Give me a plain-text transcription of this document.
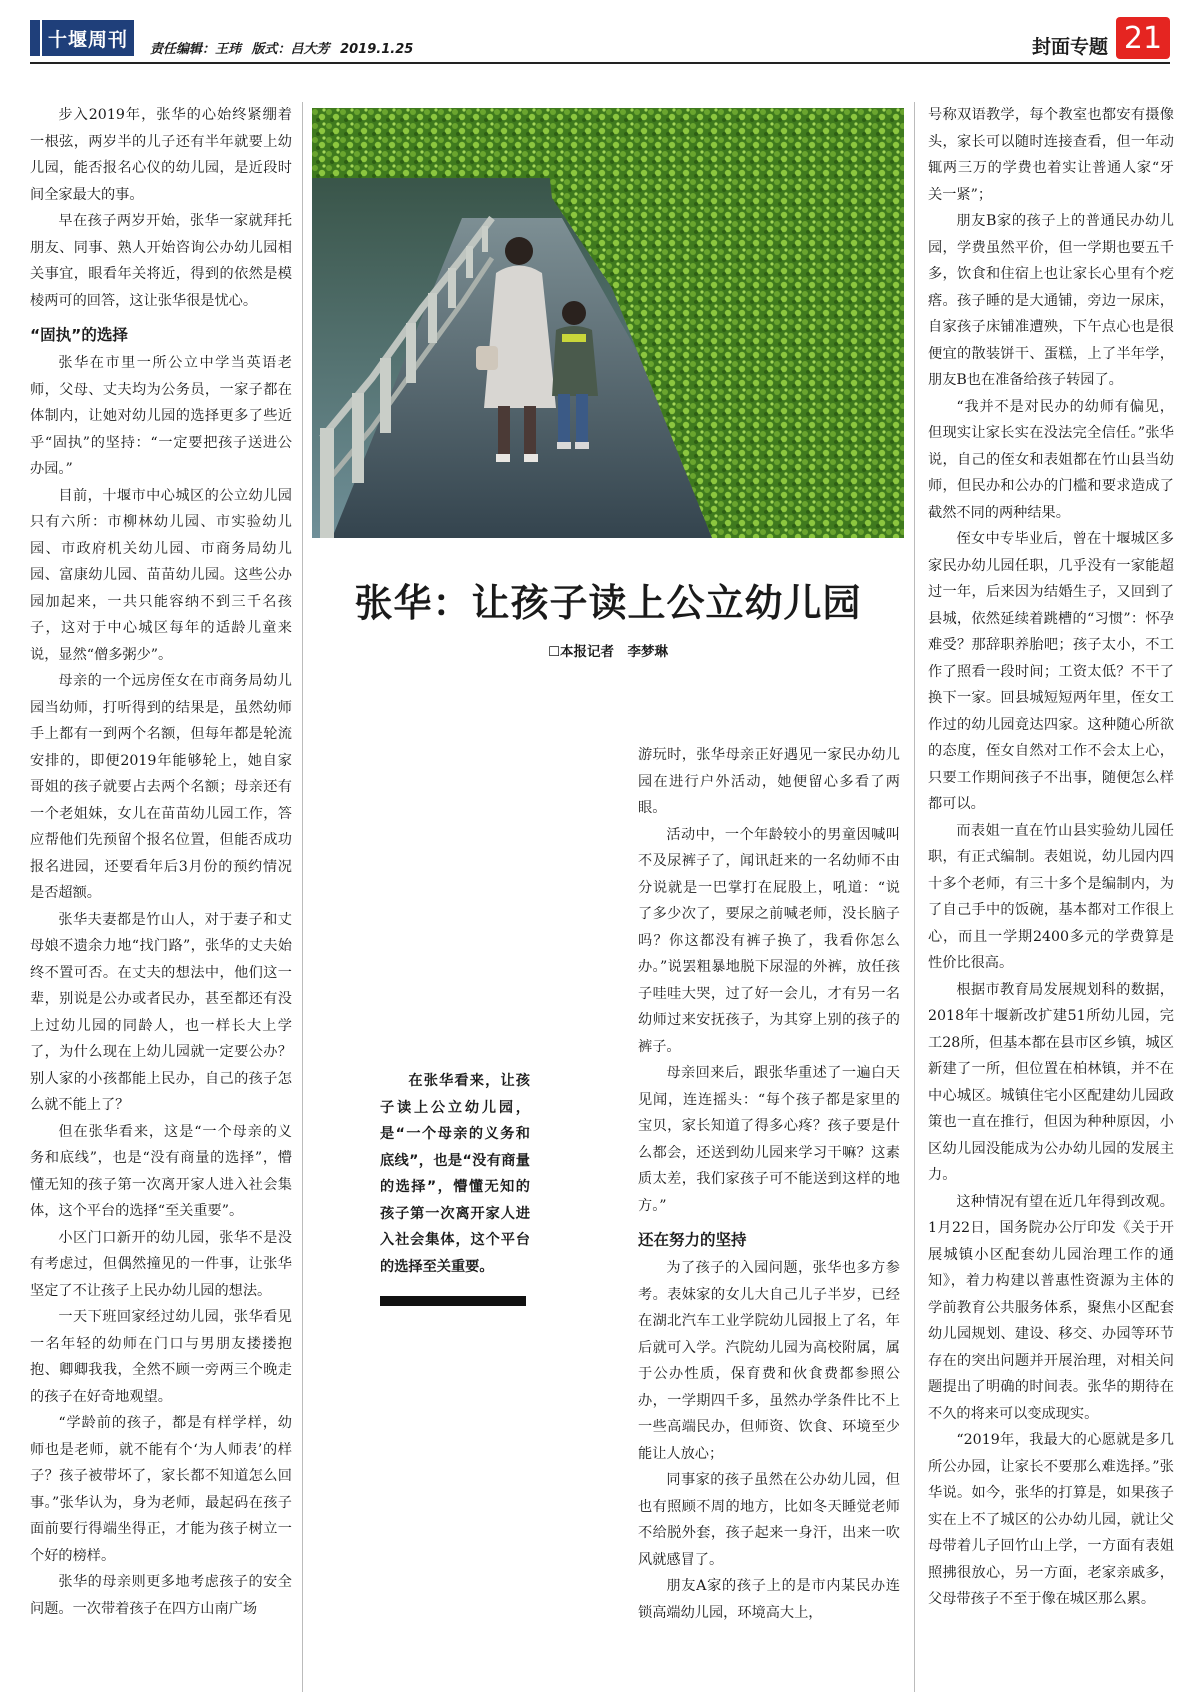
十堰周刊	责任编辑：王玮 版式：吕大芳 2019.1.25	封面专题 21

步入2019年，张华的心始终紧绷着一根弦，两岁半的儿子还有半年就要上幼儿园，能否报名心仪的幼儿园，是近段时间全家最大的事。

早在孩子两岁开始，张华一家就拜托朋友、同事、熟人开始咨询公办幼儿园相关事宜，眼看年关将近，得到的依然是模棱两可的回答，这让张华很是忧心。

“固执”的选择

张华在市里一所公立中学当英语老师，父母、丈夫均为公务员，一家子都在体制内，让她对幼儿园的选择更多了些近乎“固执”的坚持：“一定要把孩子送进公办园。”

目前，十堰市中心城区的公立幼儿园只有六所：市柳林幼儿园、市实验幼儿园、市政府机关幼儿园、市商务局幼儿园、富康幼儿园、苗苗幼儿园。这些公办园加起来，一共只能容纳不到三千名孩子，这对于中心城区每年的适龄儿童来说，显然“僧多粥少”。

母亲的一个远房侄女在市商务局幼儿园当幼师，打听得到的结果是，虽然幼师手上都有一到两个名额，但每年都是轮流安排的，即便2019年能够轮上，她自家哥姐的孩子就要占去两个名额；母亲还有一个老姐妹，女儿在苗苗幼儿园工作，答应帮他们先预留个报名位置，但能否成功报名进园，还要看年后3月份的预约情况是否超额。

张华夫妻都是竹山人，对于妻子和丈母娘不遗余力地“找门路”，张华的丈夫始终不置可否。在丈夫的想法中，他们这一辈，别说是公办或者民办，甚至都还有没上过幼儿园的同龄人，也一样长大上学了，为什么现在上幼儿园就一定要公办？别人家的小孩都能上民办，自己的孩子怎么就不能上了？

但在张华看来，这是“一个母亲的义务和底线”，也是“没有商量的选择”，懵懂无知的孩子第一次离开家人进入社会集体，这个平台的选择“至关重要”。

小区门口新开的幼儿园，张华不是没有考虑过，但偶然撞见的一件事，让张华坚定了不让孩子上民办幼儿园的想法。

一天下班回家经过幼儿园，张华看见一名年轻的幼师在门口与男朋友搂搂抱抱、卿卿我我，全然不顾一旁两三个晚走的孩子在好奇地观望。

“学龄前的孩子，都是有样学样，幼师也是老师，就不能有个‘为人师表’的样子？孩子被带坏了，家长都不知道怎么回事。”张华认为，身为老师，最起码在孩子面前要行得端坐得正，才能为孩子树立一个好的榜样。

张华的母亲则更多地考虑孩子的安全问题。一次带着孩子在四方山南广场

张华：让孩子读上公立幼儿园
☐本报记者　李梦琳
在张华看来，让孩子读上公立幼儿园，是“一个母亲的义务和底线”，也是“没有商量的选择”，懵懂无知的孩子第一次离开家人进入社会集体，这个平台的选择至关重要。

游玩时，张华母亲正好遇见一家民办幼儿园在进行户外活动，她便留心多看了两眼。

活动中，一个年龄较小的男童因喊叫不及尿裤子了，闻讯赶来的一名幼师不由分说就是一巴掌打在屁股上，吼道：“说了多少次了，要尿之前喊老师，没长脑子吗？你这都没有裤子换了，我看你怎么办。”说罢粗暴地脱下尿湿的外裤，放任孩子哇哇大哭，过了好一会儿，才有另一名幼师过来安抚孩子，为其穿上别的孩子的裤子。

母亲回来后，跟张华重述了一遍白天见闻，连连摇头：“每个孩子都是家里的宝贝，家长知道了得多心疼？孩子要是什么都会，还送到幼儿园来学习干嘛？这素质太差，我们家孩子可不能送到这样的地方。”

还在努力的坚持

为了孩子的入园问题，张华也多方参考。表妹家的女儿大自己儿子半岁，已经在湖北汽车工业学院幼儿园报上了名，年后就可入学。汽院幼儿园为高校附属，属于公办性质，保育费和伙食费都参照公办，一学期四千多，虽然办学条件比不上一些高端民办，但师资、饮食、环境至少能让人放心；

同事家的孩子虽然在公办幼儿园，但也有照顾不周的地方，比如冬天睡觉老师不给脱外套，孩子起来一身汗，出来一吹风就感冒了。

朋友A家的孩子上的是市内某民办连锁高端幼儿园，环境高大上，

号称双语教学，每个教室也都安有摄像头，家长可以随时连接查看，但一年动辄两三万的学费也着实让普通人家“牙关一紧”；

朋友B家的孩子上的普通民办幼儿园，学费虽然平价，但一学期也要五千多，饮食和住宿上也让家长心里有个疙瘩。孩子睡的是大通铺，旁边一尿床，自家孩子床铺准遭殃，下午点心也是很便宜的散装饼干、蛋糕，上了半年学，朋友B也在准备给孩子转园了。

“我并不是对民办的幼师有偏见，但现实让家长实在没法完全信任。”张华说，自己的侄女和表姐都在竹山县当幼师，但民办和公办的门槛和要求造成了截然不同的两种结果。

侄女中专毕业后，曾在十堰城区多家民办幼儿园任职，几乎没有一家能超过一年，后来因为结婚生子，又回到了县城，依然延续着跳槽的“习惯”：怀孕难受？那辞职养胎吧；孩子太小，不工作了照看一段时间；工资太低？不干了换下一家。回县城短短两年里，侄女工作过的幼儿园竟达四家。这种随心所欲的态度，侄女自然对工作不会太上心，只要工作期间孩子不出事，随便怎么样都可以。

而表姐一直在竹山县实验幼儿园任职，有正式编制。表姐说，幼儿园内四十多个老师，有三十多个是编制内，为了自己手中的饭碗，基本都对工作很上心，而且一学期2400多元的学费算是性价比很高。

根据市教育局发展规划科的数据，2018年十堰新改扩建51所幼儿园，完工28所，但基本都在县市区乡镇，城区新建了一所，但位置在柏林镇，并不在中心城区。城镇住宅小区配建幼儿园政策也一直在推行，但因为种种原因，小区幼儿园没能成为公办幼儿园的发展主力。

这种情况有望在近几年得到改观。1月22日，国务院办公厅印发《关于开展城镇小区配套幼儿园治理工作的通知》，着力构建以普惠性资源为主体的学前教育公共服务体系，聚焦小区配套幼儿园规划、建设、移交、办园等环节存在的突出问题并开展治理，对相关问题提出了明确的时间表。张华的期待在不久的将来可以变成现实。

“2019年，我最大的心愿就是多几所公办园，让家长不要那么难选择。”张华说。如今，张华的打算是，如果孩子实在上不了城区的公办幼儿园，就让父母带着儿子回竹山上学，一方面有表姐照拂很放心，另一方面，老家亲戚多，父母带孩子不至于像在城区那么累。
